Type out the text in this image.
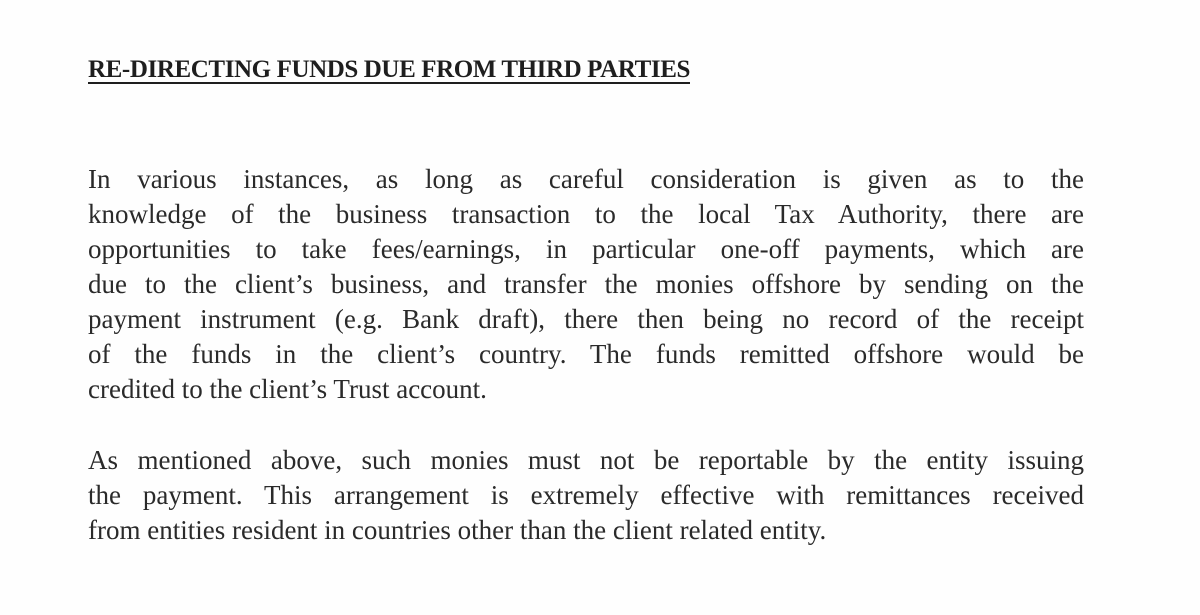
RE-DIRECTING FUNDS DUE FROM THIRD PARTIES
In various instances, as long as careful consideration is given as to the
knowledge of the business transaction to the local Tax Authority, there are
opportunities to take fees/earnings, in particular one-off payments, which are
due to the client’s business, and transfer the monies offshore by sending on the
payment instrument (e.g. Bank draft), there then being no record of the receipt
of the funds in the client’s country. The funds remitted offshore would be
credited to the client’s Trust account.
As mentioned above, such monies must not be reportable by the entity issuing
the payment. This arrangement is extremely effective with remittances received
from entities resident in countries other than the client related entity.
